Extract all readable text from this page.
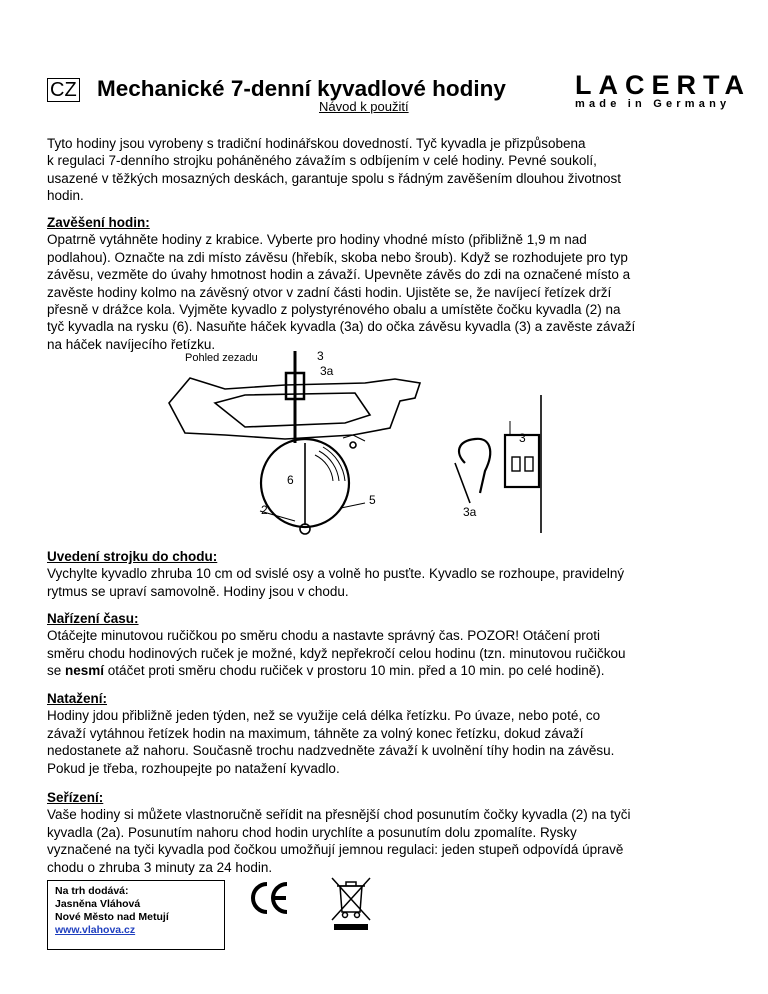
CZ Mechanické 7-denní kyvadlové hodiny
Návod k použití
LACERTA
made in Germany
Tyto hodiny jsou vyrobeny s tradiční hodinářskou dovedností. Tyč kyvadla je přizpůsobena
k regulaci 7-denního strojku poháněného závažím s odbíjením v celé hodiny. Pevné soukolí,
usazené v těžkých mosazných deskách, garantuje spolu s řádným zavěšením dlouhou životnost
hodin.
Zavěšení hodin:
Opatrně vytáhněte hodiny z krabice. Vyberte pro hodiny vhodné místo (přibližně 1,9 m nad
podlahou). Označte na zdi místo závěsu (hřebík, skoba nebo šroub). Když se rozhodujete pro typ
závěsu, vezměte do úvahy hmotnost hodin a závaží. Upevněte závěs do zdi na označené místo a
zavěste hodiny kolmo na závěsný otvor v zadní části hodin. Ujistěte se, že navíjecí řetízek drží
přesně v drážce kola. Vyjměte kyvadlo z polystyrénového obalu a umístěte čočku kyvadla (2) na
tyč kyvadla na rysku (6). Nasuňte háček kyvadla (3a) do očka závěsu kyvadla (3) a zavěste závaží
na háček navíjecího řetízku.
Pohled zezadu	3
3a
6
5
2
3
3a
Uvedení strojku do chodu:
Vychylte kyvadlo zhruba 10 cm od svislé osy a volně ho pusťte. Kyvadlo se rozhoupe, pravidelný
rytmus se upraví samovolně. Hodiny jsou v chodu.
Nařízení času:
Otáčejte minutovou ručičkou po směru chodu a nastavte správný čas. POZOR! Otáčení proti
směru chodu hodinových ruček je možné, když nepřekročí celou hodinu (tzn. minutovou ručičkou
se nesmí otáčet proti směru chodu ručiček v prostoru 10 min. před a 10 min. po celé hodině).
Natažení:
Hodiny jdou přibližně jeden týden, než se využije celá délka řetízku. Po úvaze, nebo poté, co
závaží vytáhnou řetízek hodin na maximum, táhněte za volný konec řetízku, dokud závaží
nedostanete až nahoru. Současně trochu nadzvedněte závaží k uvolnění tíhy hodin na závěsu.
Pokud je třeba, rozhoupejte po natažení kyvadlo.
Seřízení:
Vaše hodiny si můžete vlastnoručně seřídit na přesnější chod posunutím čočky kyvadla (2) na tyči
kyvadla (2a). Posunutím nahoru chod hodin urychlíte a posunutím dolu zpomalíte. Rysky
vyznačené na tyči kyvadla pod čočkou umožňují jemnou regulaci: jeden stupeň odpovídá úpravě
chodu o zhruba 3 minuty za 24 hodin.
Na trh dodává:
Jasněna Vláhová
Nové Město nad Metují
www.vlahova.cz
